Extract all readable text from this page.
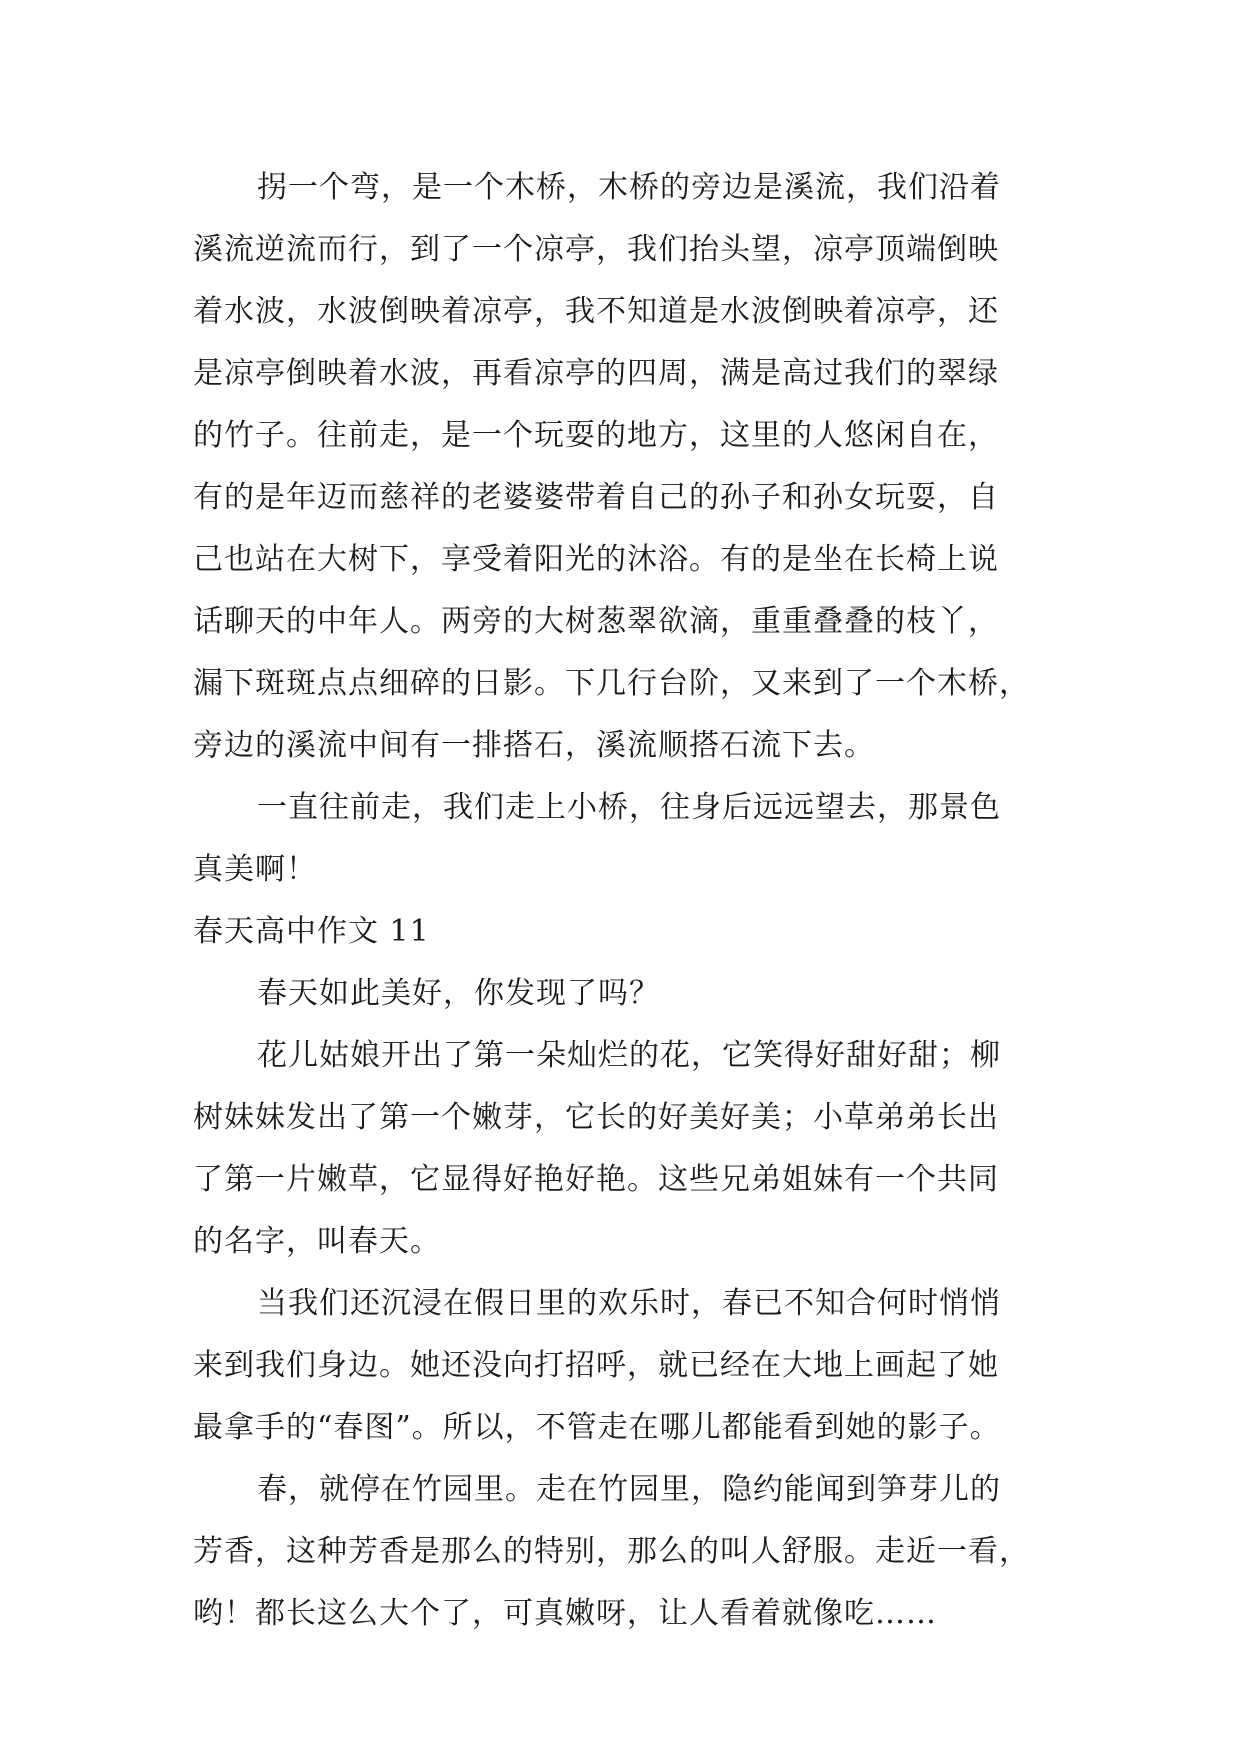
拐一个弯，是一个木桥，木桥的旁边是溪流，我们沿着
溪流逆流而行，到了一个凉亭，我们抬头望，凉亭顶端倒映
着水波，水波倒映着凉亭，我不知道是水波倒映着凉亭，还
是凉亭倒映着水波，再看凉亭的四周，满是高过我们的翠绿
的竹子。往前走，是一个玩耍的地方，这里的人悠闲自在，
有的是年迈而慈祥的老婆婆带着自己的孙子和孙女玩耍，自
己也站在大树下，享受着阳光的沐浴。有的是坐在长椅上说
话聊天的中年人。两旁的大树葱翠欲滴，重重叠叠的枝丫，
漏下斑斑点点细碎的日影。下几行台阶，又来到了一个木桥，
旁边的溪流中间有一排搭石，溪流顺搭石流下去。
一直往前走，我们走上小桥，往身后远远望去，那景色
真美啊！
春天高中作文 11
春天如此美好，你发现了吗？
花儿姑娘开出了第一朵灿烂的花，它笑得好甜好甜；柳
树妹妹发出了第一个嫩芽，它长的好美好美；小草弟弟长出
了第一片嫩草，它显得好艳好艳。这些兄弟姐妹有一个共同
的名字，叫春天。
当我们还沉浸在假日里的欢乐时，春已不知合何时悄悄
来到我们身边。她还没向打招呼，就已经在大地上画起了她
最拿手的“春图”。所以，不管走在哪儿都能看到她的影子。
春，就停在竹园里。走在竹园里，隐约能闻到笋芽儿的
芳香，这种芳香是那么的特别，那么的叫人舒服。走近一看，
哟！都长这么大个了，可真嫩呀，让人看着就像吃……
